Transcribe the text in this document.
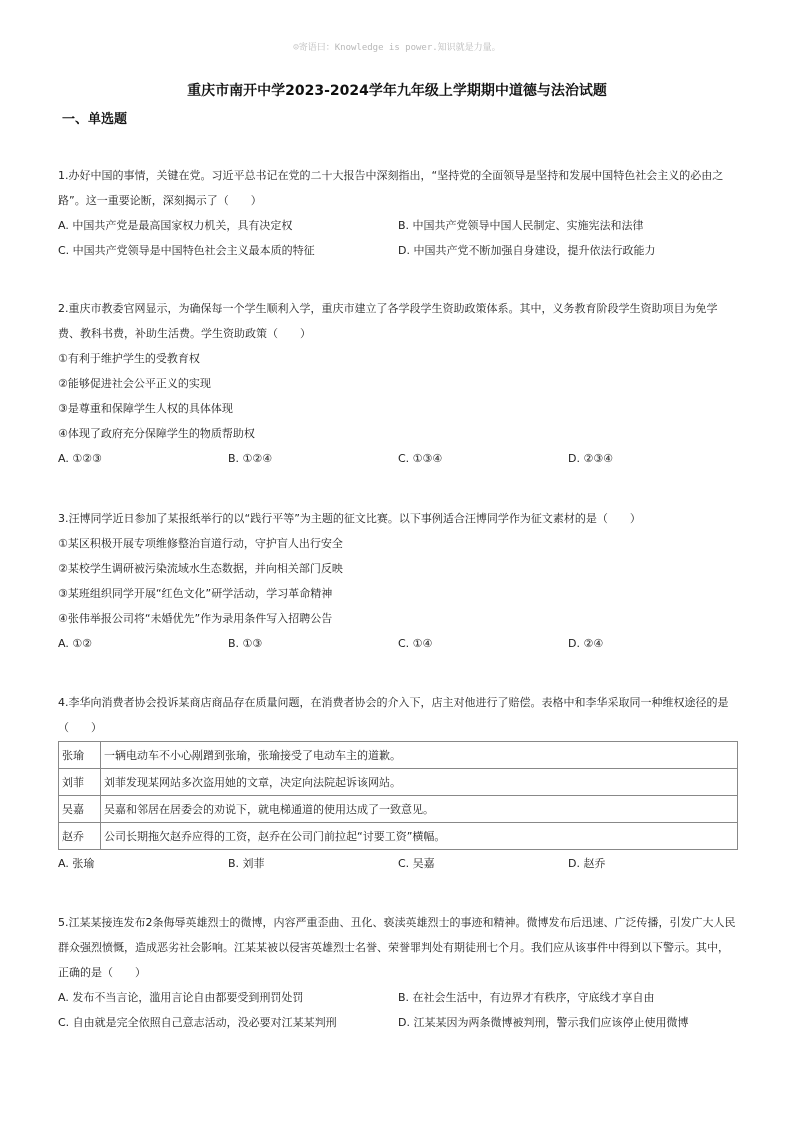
☺寄语曰：Knowledge is power.知识就是力量。
重庆市南开中学2023-2024学年九年级上学期期中道德与法治试题
一、单选题

1.办好中国的事情，关键在党。习近平总书记在党的二十大报告中深刻指出，“坚持党的全面领导是坚持和发展中国特色社会主义的必由之路”。这一重要论断，深刻揭示了（　　）

A. 中国共产党是最高国家权力机关，具有决定权	B. 中国共产党领导中国人民制定、实施宪法和法律
C. 中国共产党领导是中国特色社会主义最本质的特征	D. 中国共产党不断加强自身建设，提升依法行政能力

2.重庆市教委官网显示，为确保每一个学生顺利入学，重庆市建立了各学段学生资助政策体系。其中，义务教育阶段学生资助项目为免学费、教科书费，补助生活费。学生资助政策（　　）

①有利于维护学生的受教育权

②能够促进社会公平正义的实现

③是尊重和保障学生人权的具体体现

④体现了政府充分保障学生的物质帮助权

A. ①②③	B. ①②④	C. ①③④	D. ②③④

3.汪博同学近日参加了某报纸举行的以“践行平等”为主题的征文比赛。以下事例适合汪博同学作为征文素材的是（　　）

①某区积极开展专项维修整治盲道行动，守护盲人出行安全

②某校学生调研被污染流域水生态数据，并向相关部门反映

③某班组织同学开展“红色文化”研学活动，学习革命精神

④张伟举报公司将“未婚优先”作为录用条件写入招聘公告

A. ①②	B. ①③	C. ①④	D. ②④

4.李华向消费者协会投诉某商店商品存在质量问题，在消费者协会的介入下，店主对他进行了赔偿。表格中和李华采取同一种维权途径的是（　　）

张瑜	一辆电动车不小心剐蹭到张瑜，张瑜接受了电动车主的道歉。
刘菲	刘菲发现某网站多次盗用她的文章，决定向法院起诉该网站。
吴嘉	吴嘉和邻居在居委会的劝说下，就电梯通道的使用达成了一致意见。
赵乔	公司长期拖欠赵乔应得的工资，赵乔在公司门前拉起“讨要工资”横幅。
A. 张瑜	B. 刘菲	C. 吴嘉	D. 赵乔

5.江某某接连发布2条侮辱英雄烈士的微博，内容严重歪曲、丑化、亵渎英雄烈士的事迹和精神。微博发布后迅速、广泛传播，引发广大人民群众强烈愤慨，造成恶劣社会影响。江某某被以侵害英雄烈士名誉、荣誉罪判处有期徒刑七个月。我们应从该事件中得到以下警示。其中，正确的是（　　）

A. 发布不当言论，滥用言论自由都要受到刑罚处罚	B. 在社会生活中，有边界才有秩序，守底线才享自由
C. 自由就是完全依照自己意志活动，没必要对江某某判刑	D. 江某某因为两条微博被判刑，警示我们应该停止使用微博
